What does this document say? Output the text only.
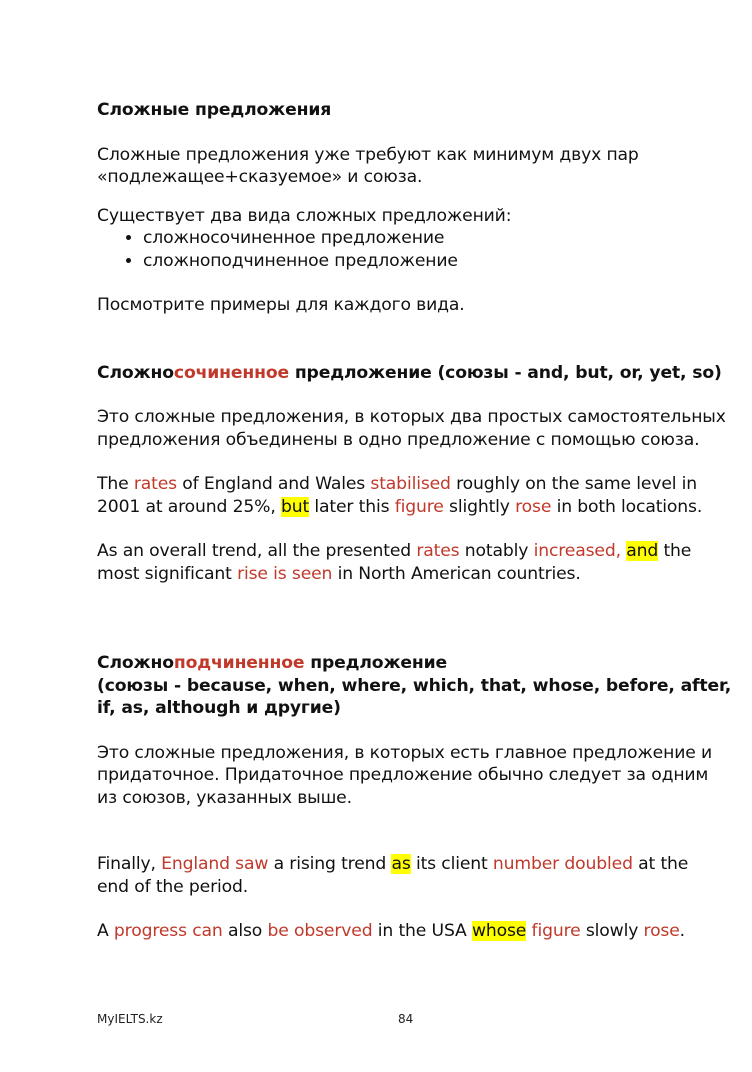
Сложные предложения

Сложные предложения уже требуют как минимум двух пар
«подлежащее+сказуемое» и союза.

Существует два вида сложных предложений:

• сложносочиненное предложение
• сложноподчиненное предложение

Посмотрите примеры для каждого вида.

Сложносочиненное предложение (союзы - and, but, or, yet, so)

Это сложные предложения, в которых два простых самостоятельных
предложения объединены в одно предложение с помощью союза.

The rates of England and Wales stabilised roughly on the same level in
2001 at around 25%, but later this figure slightly rose in both locations.

As an overall trend, all the presented rates notably increased, and the
most significant rise is seen in North American countries.

Сложноподчиненное предложение
(союзы - because, when, where, which, that, whose, before, after,
if, as, although и другие)

Это сложные предложения, в которых есть главное предложение и
придаточное. Придаточное предложение обычно следует за одним
из союзов, указанных выше.

Finally, England saw a rising trend as its client number doubled at the
end of the period.

A progress can also be observed in the USA whose figure slowly rose.

MyIELTS.kz	84
